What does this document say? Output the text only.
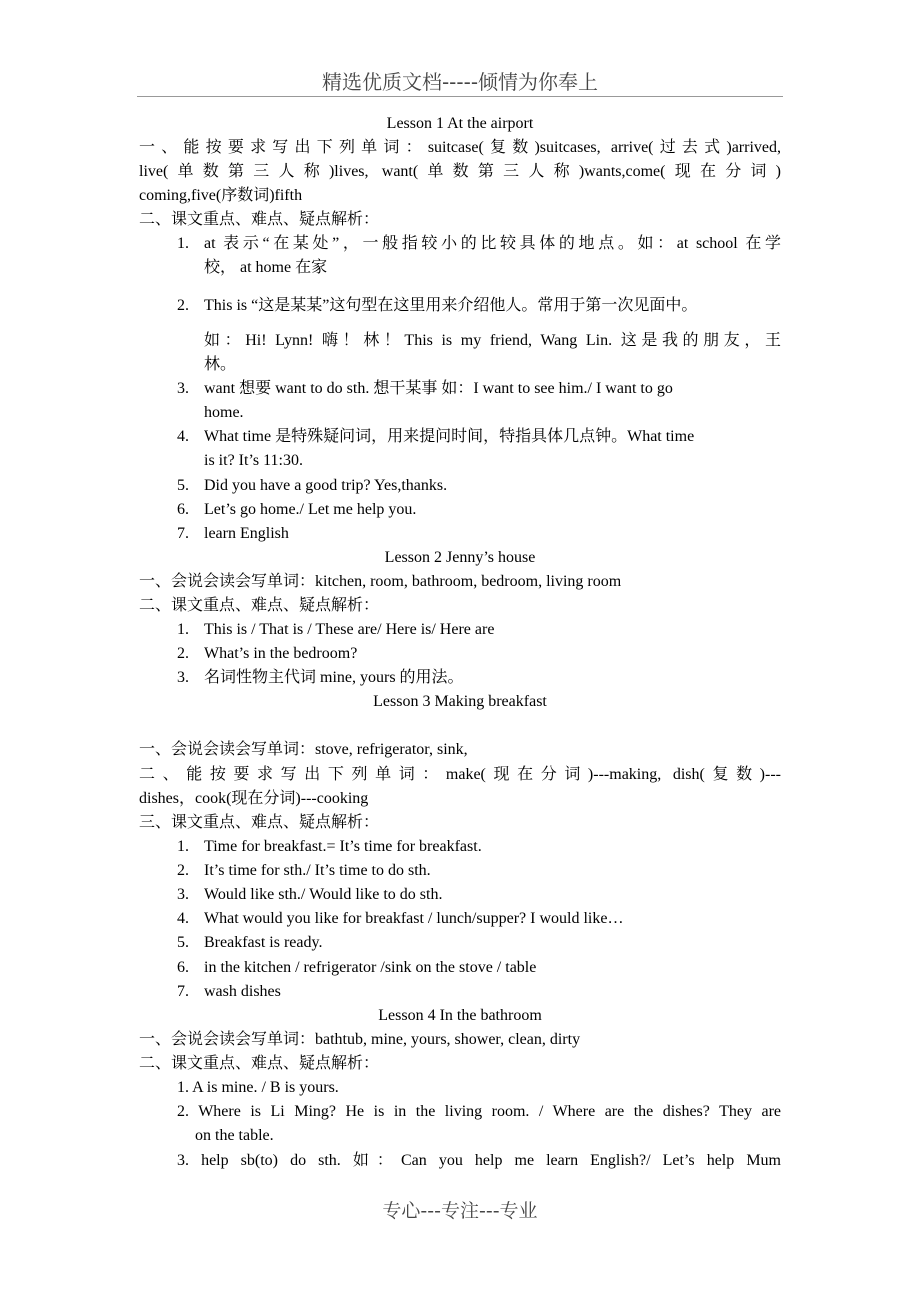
精选优质文档-----倾情为你奉上
Lesson 1 At the airport
一、能按要求写出下列单词：suitcase(复数)suitcases, arrive(过去式)arrived,
live(单数第三人称)lives, want(单数第三人称)wants,come(现在分词)
coming,five(序数词)fifth
二、课文重点、难点、疑点解析：
1. at 表示“在某处”，一般指较小的比较具体的地点。如：at school 在学
校， at home 在家
2. This is “这是某某”这句型在这里用来介绍他人。常用于第一次见面中。
如：Hi! Lynn! 嗨！林！This is my friend, Wang Lin. 这是我的朋友，王
林。
3. want 想要 want to do sth. 想干某事 如：I want to see him./ I want to go
home.
4. What time 是特殊疑问词，用来提问时间，特指具体几点钟。What time
is it? It’s 11:30.
5. Did you have a good trip? Yes,thanks.
6. Let’s go home./ Let me help you.
7. learn English
Lesson 2 Jenny’s house
一、会说会读会写单词：kitchen, room, bathroom, bedroom, living room
二、课文重点、难点、疑点解析：
1. This is / That is / These are/ Here is/ Here are
2. What’s in the bedroom?
3. 名词性物主代词 mine, yours 的用法。
Lesson 3 Making breakfast
一、会说会读会写单词：stove, refrigerator, sink,
二、能按要求写出下列单词：make(现在分词)---making, dish(复数)---
dishes，cook(现在分词)---cooking
三、课文重点、难点、疑点解析：
1. Time for breakfast.= It’s time for breakfast.
2. It’s time for sth./ It’s time to do sth.
3. Would like sth./ Would like to do sth.
4. What would you like for breakfast / lunch/supper? I would like…
5. Breakfast is ready.
6. in the kitchen / refrigerator /sink on the stove / table
7. wash dishes
Lesson 4 In the bathroom
一、会说会读会写单词：bathtub, mine, yours, shower, clean, dirty
二、课文重点、难点、疑点解析：
1. A is mine. / B is yours.
2. Where is Li Ming? He is in the living room. / Where are the dishes? They are
on the table.
3. help sb(to) do sth. 如：Can you help me learn English?/ Let’s help Mum
专心---专注---专业
